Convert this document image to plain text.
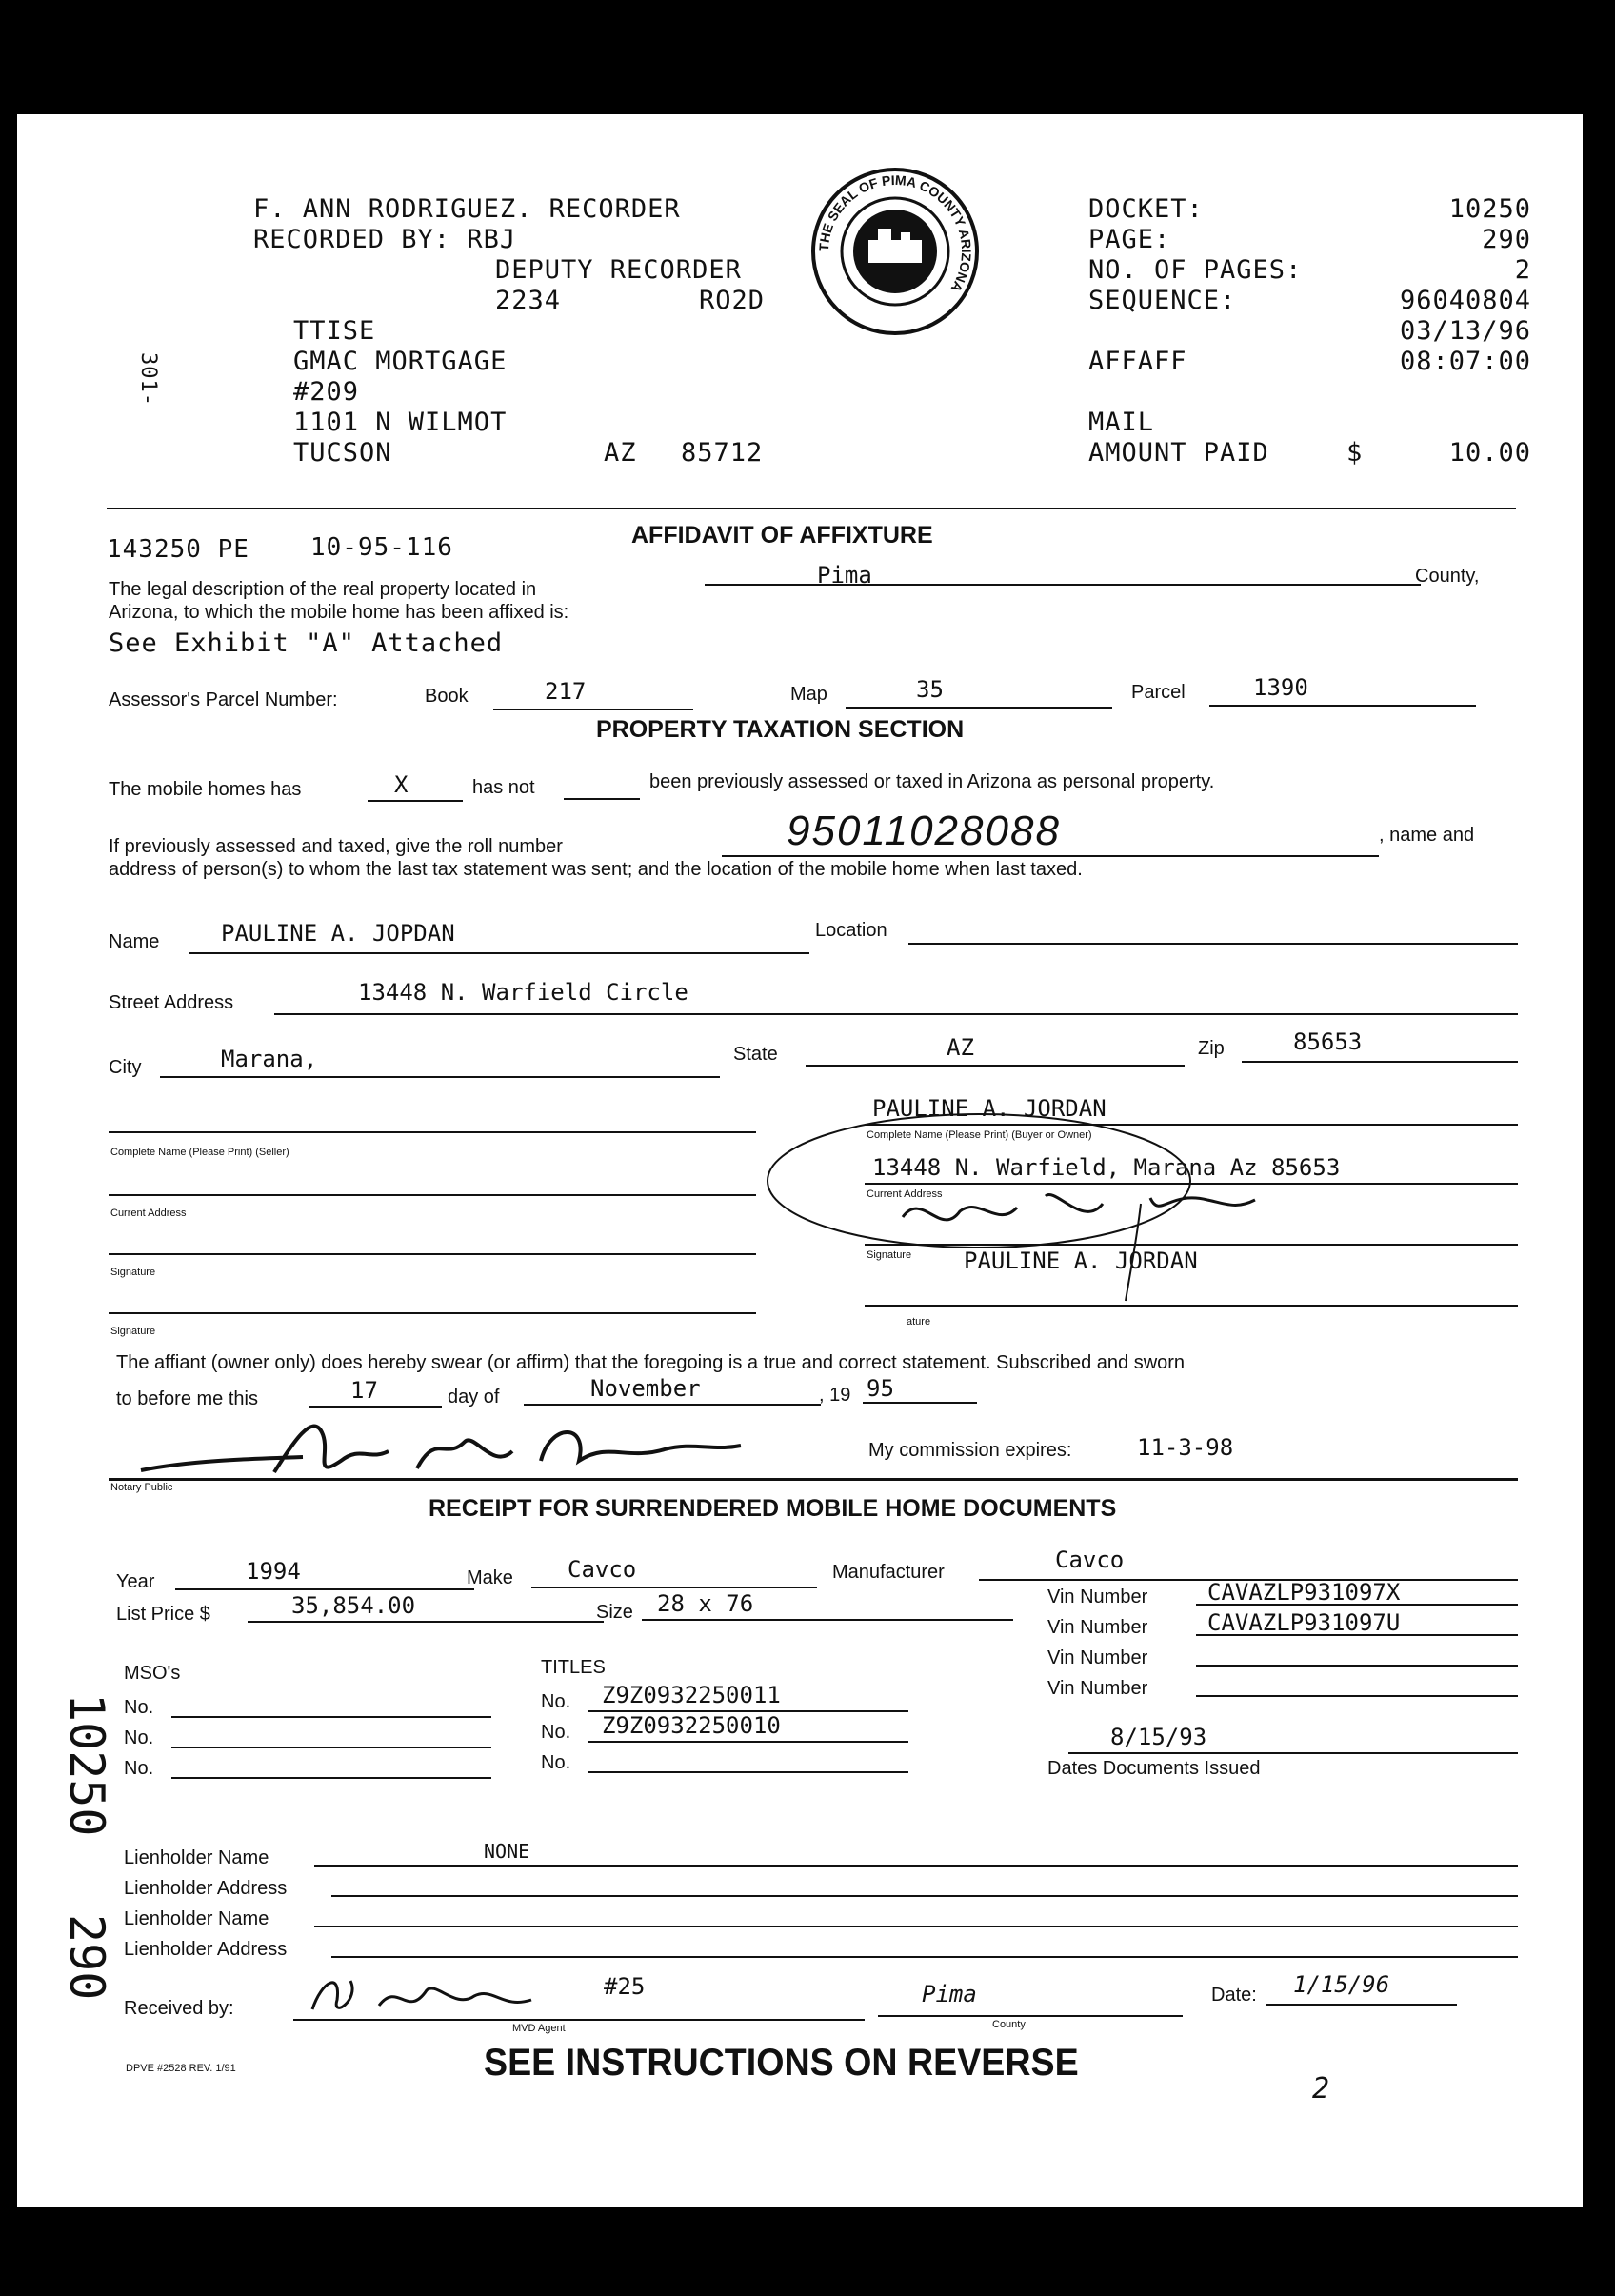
F. ANN RODRIGUEZ. RECORDER
RECORDED BY: RBJ
DEPUTY RECORDER
2234	RO2D
TTISE
GMAC MORTGAGE
#209
1101 N WILMOT
TUCSON	AZ 85712
301-
THE SEAL OF PIMA COUNTY ARIZONA
DOCKET:	10250
PAGE:	290
NO. OF PAGES:	2
SEQUENCE:	96040804
03/13/96
AFFAFF	08:07:00
MAIL
AMOUNT PAID	$	10.00
143250 PE 10-95-116	AFFIDAVIT OF AFFIXTURE
The legal description of the real property located in
Pima	County,
Arizona, to which the mobile home has been affixed is:
See Exhibit "A" Attached
Assessor's Parcel Number:	Book	217	Map	35	Parcel	1390
PROPERTY TAXATION SECTION
The mobile homes has	X	has not	been previously assessed or taxed in Arizona as personal property.
If previously assessed and taxed, give the roll number	95011028088	, name and
address of person(s) to whom the last tax statement was sent; and the location of the mobile home when last taxed.
Name	PAULINE A. JOPDAN	Location
Street Address	13448 N. Warfield Circle
City	Marana,	State	AZ	Zip	85653
Complete Name (Please Print) (Seller)
Current Address
Signature
Signature
PAULINE A. JORDAN
Complete Name (Please Print) (Buyer or Owner)
13448 N. Warfield, Marana Az 85653
Current Address
Signature PAULINE A. JORDAN
ature
The affiant (owner only) does hereby swear (or affirm) that the foregoing is a true and correct statement. Subscribed and sworn
to before me this	17	day of	November	, 19 95
Notary Public
My commission expires:	11-3-98
RECEIPT FOR SURRENDERED MOBILE HOME DOCUMENTS
Year	1994	Make Cavco	Manufacturer	Cavco
List Price $	35,854.00	Size 28 x 76	Vin Number	CAVAZLP931097X
Vin Number	CAVAZLP931097U
Vin Number
Vin Number
MSO's
No.
No.
No.
TITLES
No. Z9Z0932250011
No. Z9Z0932250010
No.
8/15/93
Dates Documents Issued
Lienholder Name	NONE
Lienholder Address
Lienholder Name
Lienholder Address
Received by:
#25
MVD Agent
Pima
County
Date: 1/15/96
DPVE #2528 REV. 1/91	SEE INSTRUCTIONS ON REVERSE
2
10250
290
